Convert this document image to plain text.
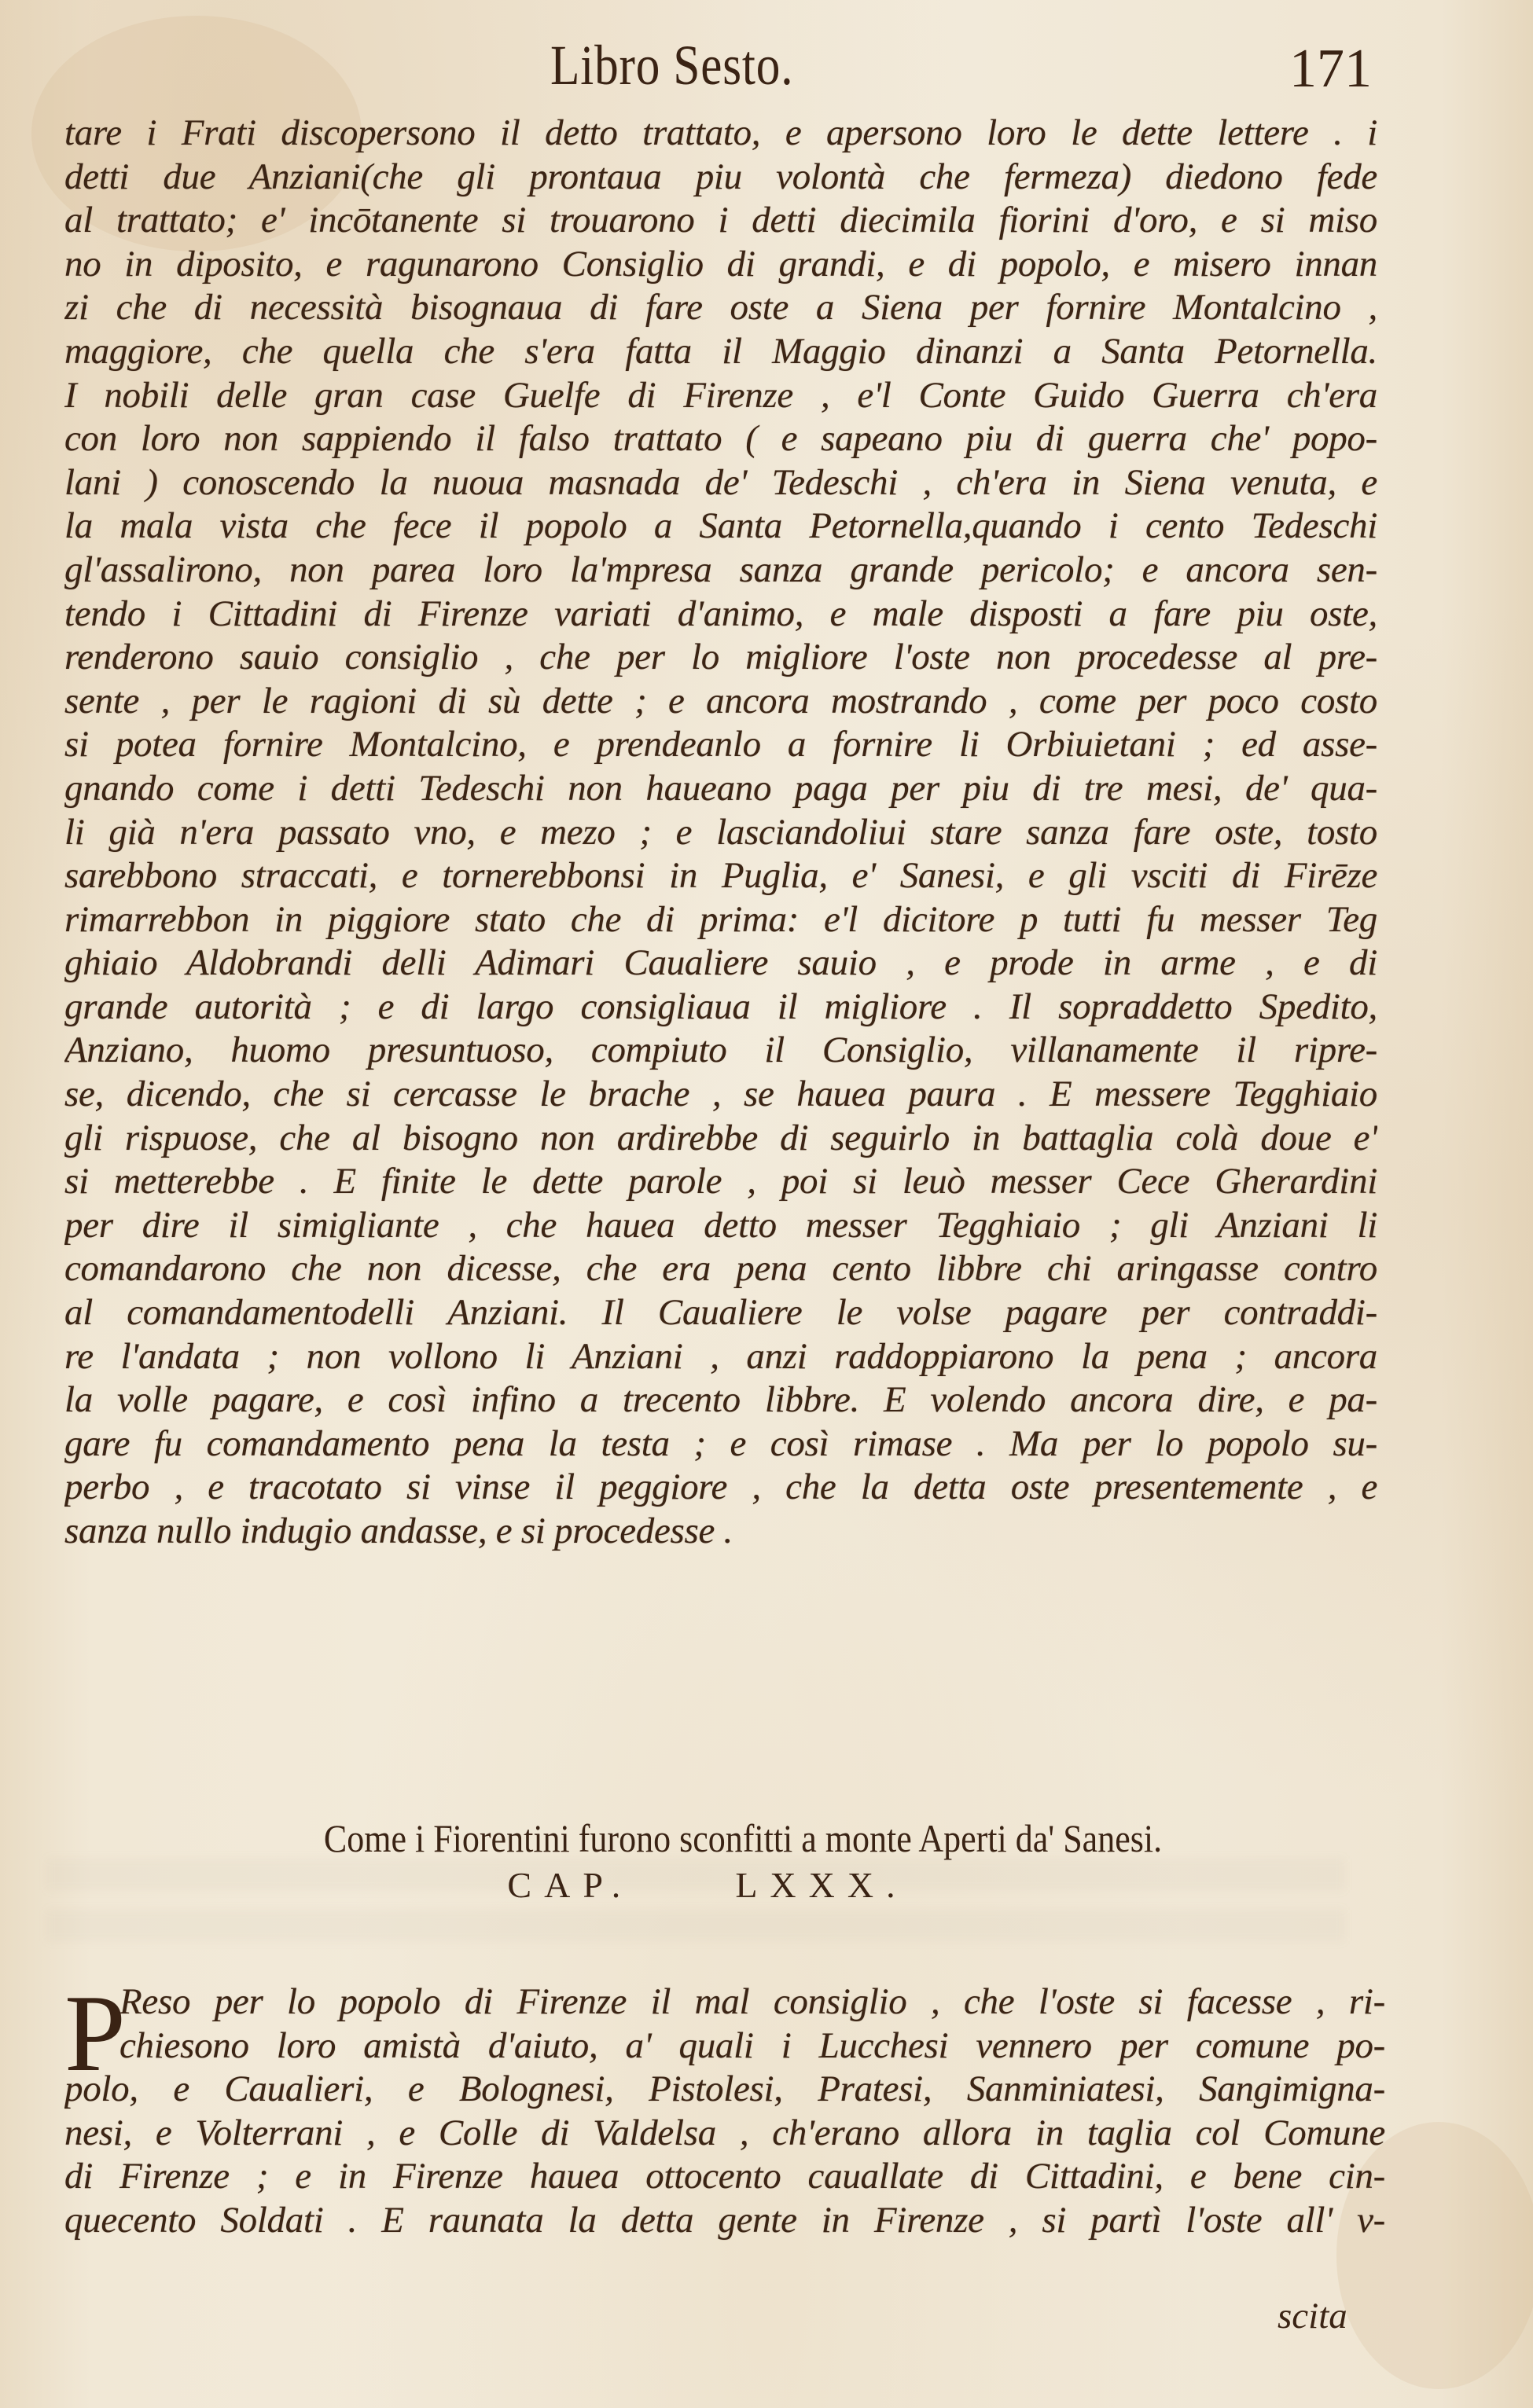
Libro Sesto.	171
tare i Frati discopersono il detto trattato, e apersono loro le dette lettere . i
detti due Anziani(che gli prontaua piu volontà che fermeza) diedono fede
al trattato; e' incōtanente si trouarono i detti diecimila fiorini d'oro, e si miso
no in diposito, e ragunarono Consiglio di grandi, e di popolo, e misero innan
zi che di necessità bisognaua di fare oste a Siena per fornire Montalcino ,
maggiore, che quella che s'era fatta il Maggio dinanzi a Santa Petornella.
I nobili delle gran case Guelfe di Firenze , e'l Conte Guido Guerra ch'era
con loro non sappiendo il falso trattato ( e sapeano piu di guerra che' popo-
lani ) conoscendo la nuoua masnada de' Tedeschi , ch'era in Siena venuta, e
la mala vista che fece il popolo a Santa Petornella,quando i cento Tedeschi
gl'assalirono, non parea loro la'mpresa sanza grande pericolo; e ancora sen-
tendo i Cittadini di Firenze variati d'animo, e male disposti a fare piu oste,
renderono sauio consiglio , che per lo migliore l'oste non procedesse al pre-
sente , per le ragioni di sù dette ; e ancora mostrando , come per poco costo
si potea fornire Montalcino, e prendeanlo a fornire li Orbiuietani ; ed asse-
gnando come i detti Tedeschi non haueano paga per piu di tre mesi, de' qua-
li già n'era passato vno, e mezo ; e lasciandoliui stare sanza fare oste, tosto
sarebbono straccati, e tornerebbonsi in Puglia, e' Sanesi, e gli vsciti di Firēze
rimarrebbon in piggiore stato che di prima: e'l dicitore p tutti fu messer Teg
ghiaio Aldobrandi delli Adimari Caualiere sauio , e prode in arme , e di
grande autorità ; e di largo consigliaua il migliore . Il sopraddetto Spedito,
Anziano, huomo presuntuoso, compiuto il Consiglio, villanamente il ripre-
se, dicendo, che si cercasse le brache , se hauea paura . E messere Tegghiaio
gli rispuose, che al bisogno non ardirebbe di seguirlo in battaglia colà doue e'
si metterebbe . E finite le dette parole , poi si leuò messer Cece Gherardini
per dire il simigliante , che hauea detto messer Tegghiaio ; gli Anziani li
comandarono che non dicesse, che era pena cento libbre chi aringasse contro
al comandamentodelli Anziani. Il Caualiere le volse pagare per contraddi-
re l'andata ; non vollono li Anziani , anzi raddoppiarono la pena ; ancora
la volle pagare, e così infino a trecento libbre. E volendo ancora dire, e pa-
gare fu comandamento pena la testa ; e così rimase . Ma per lo popolo su-
perbo , e tracotato si vinse il peggiore , che la detta oste presentemente , e
sanza nullo indugio andasse, e si procedesse .
Come i Fiorentini furono sconfitti a monte Aperti da' Sanesi.
CAP.	LXXX.
P
Reso per lo popolo di Firenze il mal consiglio , che l'oste si facesse , ri-
chiesono loro amistà d'aiuto, a' quali i Lucchesi vennero per comune po-
polo, e Caualieri, e Bolognesi, Pistolesi, Pratesi, Sanminiatesi, Sangimigna-
nesi, e Volterrani , e Colle di Valdelsa , ch'erano allora in taglia col Comune
di Firenze ; e in Firenze hauea ottocento cauallate di Cittadini, e bene cin-
quecento Soldati . E raunata la detta gente in Firenze , si partì l'oste all' v-
scita
